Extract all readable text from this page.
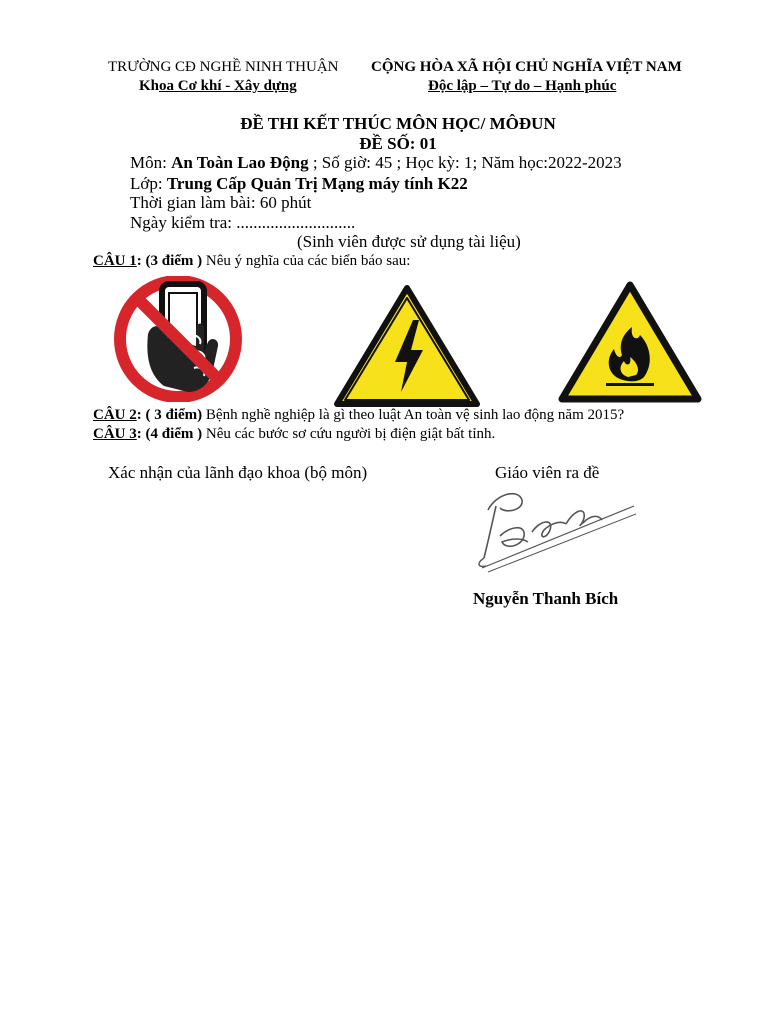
TRƯỜNG CĐ NGHỀ NINH THUẬN
Khoa Cơ khí - Xây dựng
CỘNG HÒA XÃ HỘI CHỦ NGHĨA VIỆT NAM
Độc lập – Tự do – Hạnh phúc
ĐỀ THI KẾT THÚC MÔN HỌC/ MÔĐUN
ĐỀ SỐ: 01
Môn: An Toàn Lao Động ; Số giờ: 45 ; Học kỳ: 1; Năm học:2022-2023
Lớp: Trung Cấp Quản Trị Mạng máy tính K22
Thời gian làm bài: 60 phút
Ngày kiểm tra: ............................
(Sinh viên được sử dụng tài liệu)
CÂU 1: (3 điểm ) Nêu ý nghĩa của các biển báo sau:
CÂU 2: ( 3 điểm) Bệnh nghề nghiệp là gì theo luật An toàn vệ sinh lao động năm 2015?
CÂU 3: (4 điểm ) Nêu các bước sơ cứu người bị điện giật bất tỉnh.
Xác nhận của lãnh đạo khoa (bộ môn)	Giáo viên ra đề
Nguyễn Thanh Bích
